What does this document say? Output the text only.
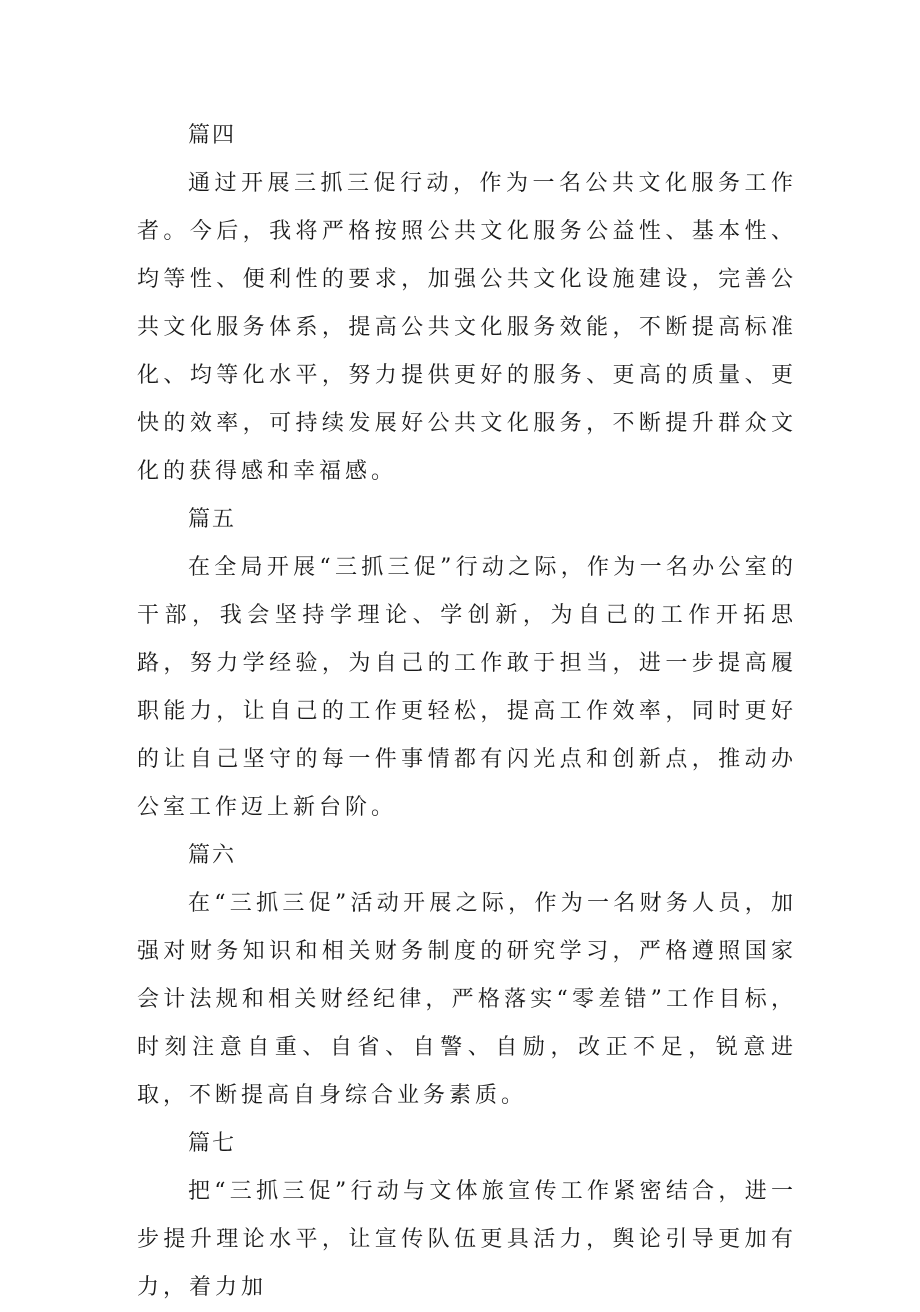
篇四

通过开展三抓三促行动，作为一名公共文化服务工作者。今后，我将严格按照公共文化服务公益性、基本性、均等性、便利性的要求，加强公共文化设施建设，完善公共文化服务体系，提高公共文化服务效能，不断提高标准化、均等化水平，努力提供更好的服务、更高的质量、更快的效率，可持续发展好公共文化服务，不断提升群众文化的获得感和幸福感。

篇五

在全局开展“三抓三促”行动之际，作为一名办公室的干部，我会坚持学理论、学创新，为自己的工作开拓思路，努力学经验，为自己的工作敢于担当，进一步提高履职能力，让自己的工作更轻松，提高工作效率，同时更好的让自己坚守的每一件事情都有闪光点和创新点，推动办公室工作迈上新台阶。

篇六

在“三抓三促”活动开展之际，作为一名财务人员，加强对财务知识和相关财务制度的研究学习，严格遵照国家会计法规和相关财经纪律，严格落实“零差错”工作目标，时刻注意自重、自省、自警、自励，改正不足，锐意进取，不断提高自身综合业务素质。

篇七

把“三抓三促”行动与文体旅宣传工作紧密结合，进一步提升理论水平，让宣传队伍更具活力，舆论引导更加有力，着力加
